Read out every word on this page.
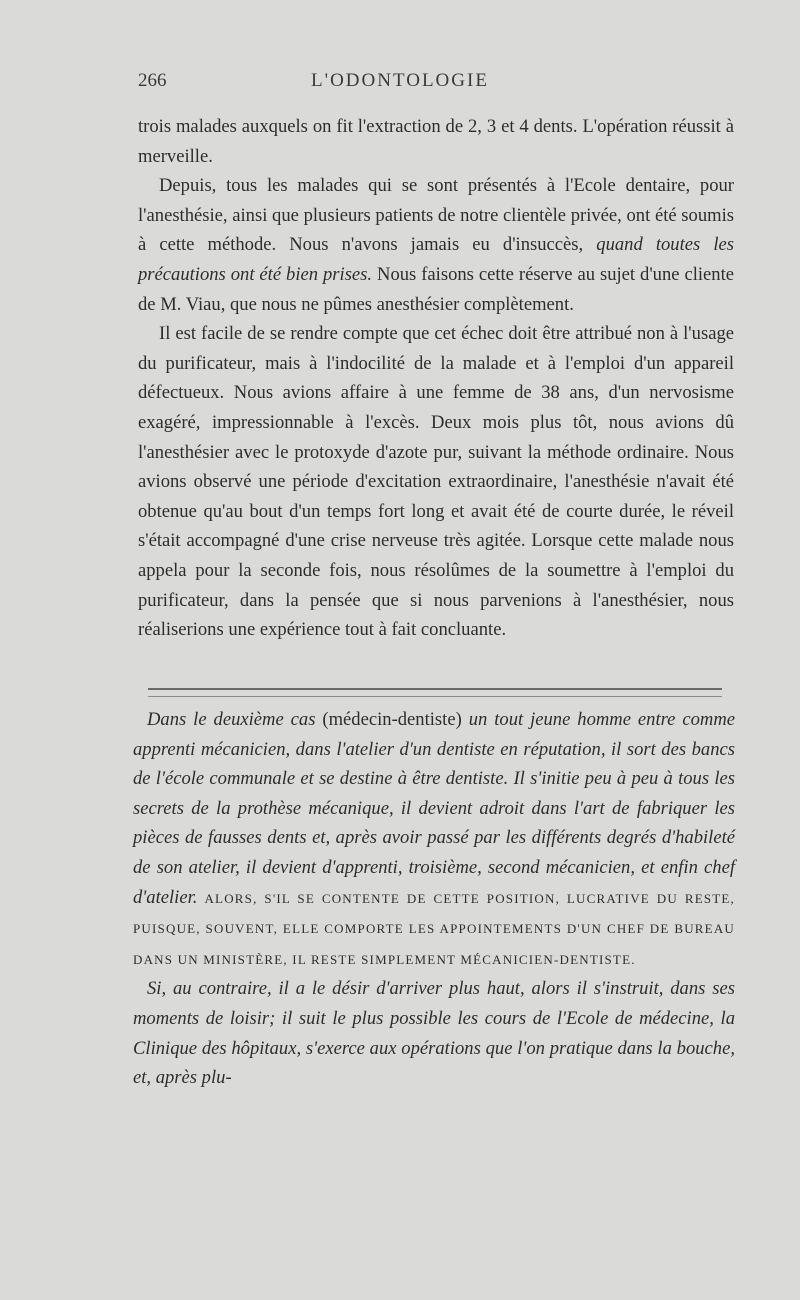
266	L'ODONTOLOGIE

trois malades auxquels on fit l'extraction de 2, 3 et 4 dents. L'opération réussit à merveille.

Depuis, tous les malades qui se sont présentés à l'Ecole dentaire, pour l'anesthésie, ainsi que plusieurs patients de notre clientèle privée, ont été soumis à cette méthode. Nous n'avons jamais eu d'insuccès, quand toutes les précautions ont été bien prises. Nous faisons cette réserve au sujet d'une cliente de M. Viau, que nous ne pûmes anesthésier complètement.

Il est facile de se rendre compte que cet échec doit être attribué non à l'usage du purificateur, mais à l'indocilité de la malade et à l'emploi d'un appareil défectueux. Nous avions affaire à une femme de 38 ans, d'un nervosisme exagéré, impressionnable à l'excès. Deux mois plus tôt, nous avions dû l'anesthésier avec le protoxyde d'azote pur, suivant la méthode ordinaire. Nous avions observé une période d'excitation extraordinaire, l'anesthésie n'avait été obtenue qu'au bout d'un temps fort long et avait été de courte durée, le réveil s'était accompagné d'une crise nerveuse très agitée. Lorsque cette malade nous appela pour la seconde fois, nous résolûmes de la soumettre à l'emploi du purificateur, dans la pensée que si nous parvenions à l'anesthésier, nous réaliserions une expérience tout à fait concluante.

Dans le deuxième cas (médecin-dentiste) un tout jeune homme entre comme apprenti mécanicien, dans l'atelier d'un dentiste en réputation, il sort des bancs de l'école communale et se destine à être dentiste. Il s'initie peu à peu à tous les secrets de la prothèse mécanique, il devient adroit dans l'art de fabriquer les pièces de fausses dents et, après avoir passé par les différents degrés d'habileté de son atelier, il devient d'apprenti, troisième, second mécanicien, et enfin chef d'atelier. ALORS, S'IL SE CONTENTE DE CETTE POSITION, LUCRATIVE DU RESTE, PUISQUE, SOUVENT, ELLE COMPORTE LES APPOINTEMENTS D'UN CHEF DE BUREAU DANS UN MINISTÈRE, IL RESTE SIMPLEMENT MÉCANICIEN-DENTISTE.

Si, au contraire, il a le désir d'arriver plus haut, alors il s'instruit, dans ses moments de loisir; il suit le plus possible les cours de l'Ecole de médecine, la Clinique des hôpitaux, s'exerce aux opérations que l'on pratique dans la bouche, et, après plu-
